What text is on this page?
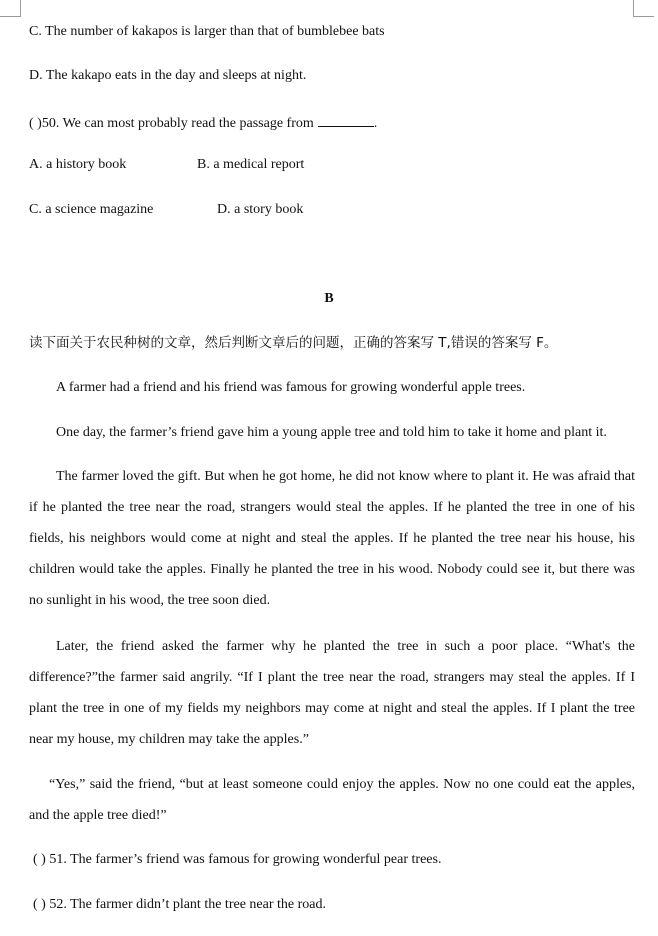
C. The number of kakapos is larger than that of bumblebee bats
D. The kakapo eats in the day and sleeps at night.
( )50. We can most probably read the passage from	.
A. a history book	B. a medical report
C. a science magazine	D. a story book
B
读下面关于农民种树的文章，然后判断文章后的问题，正确的答案写 T,错误的答案写 F。
A farmer had a friend and his friend was famous for growing wonderful apple trees.
One day, the farmer’s friend gave him a young apple tree and told him to take it home and plant it.
The farmer loved the gift. But when he got home, he did not know where to plant it. He was afraid that if he planted the tree near the road, strangers would steal the apples. If he planted the tree in one of his fields, his neighbors would come at night and steal the apples. If he planted the tree near his house, his children would take the apples. Finally he planted the tree in his wood. Nobody could see it, but there was no sunlight in his wood, the tree soon died.
Later, the friend asked the farmer why he planted the tree in such a poor place. “What's the difference?”the farmer said angrily. “If I plant the tree near the road, strangers may steal the apples. If I plant the tree in one of my fields my neighbors may come at night and steal the apples. If I plant the tree near my house, my children may take the apples.”
“Yes,” said the friend, “but at least someone could enjoy the apples. Now no one could eat the apples, and the apple tree died!”
( ) 51. The farmer’s friend was famous for growing wonderful pear trees.
( ) 52. The farmer didn’t plant the tree near the road.
